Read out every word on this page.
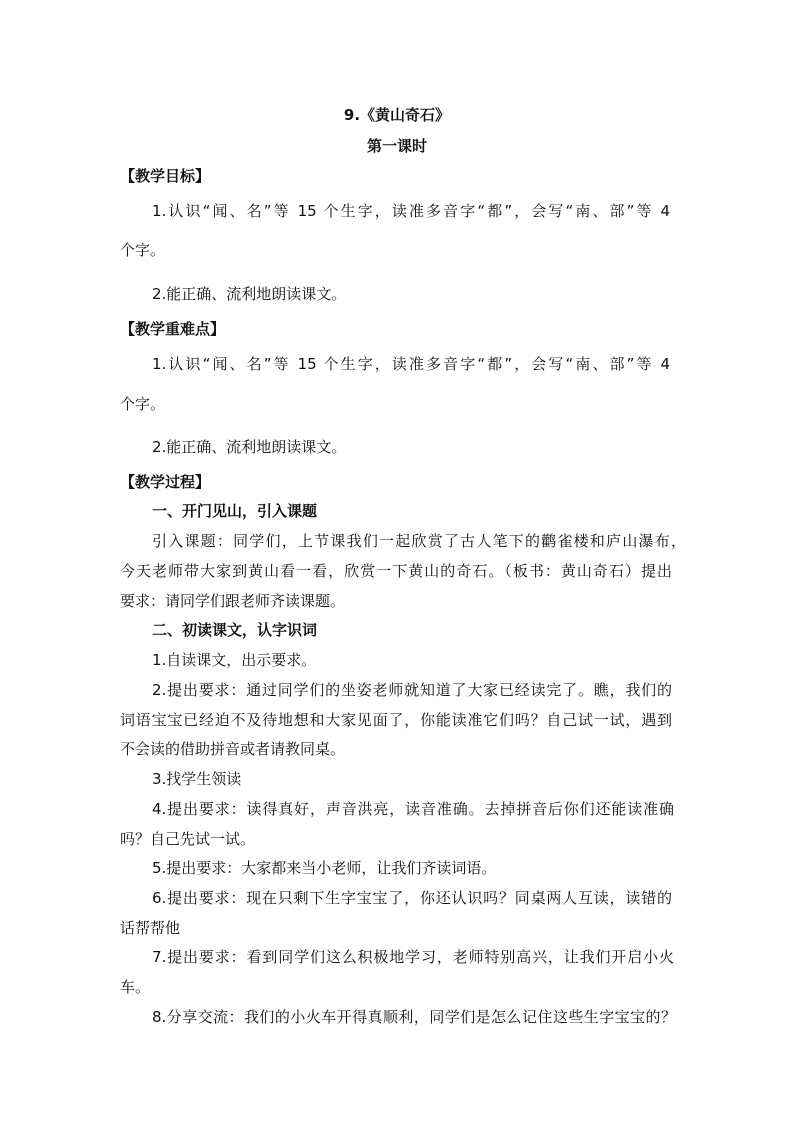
9.《黄山奇石》
第一课时
【教学目标】
1.认识“闻、名”等 15 个生字，读准多音字“都”，会写“南、部”等 4
个字。
2.能正确、流利地朗读课文。
【教学重难点】
1.认识“闻、名”等 15 个生字，读准多音字“都”，会写“南、部”等 4
个字。
2.能正确、流利地朗读课文。
【教学过程】
一、开门见山，引入课题
引入课题：同学们，上节课我们一起欣赏了古人笔下的鹳雀楼和庐山瀑布，
今天老师带大家到黄山看一看，欣赏一下黄山的奇石。（板书：黄山奇石）提出
要求：请同学们跟老师齐读课题。
二、初读课文，认字识词
1.自读课文，出示要求。
2.提出要求：通过同学们的坐姿老师就知道了大家已经读完了。瞧，我们的
词语宝宝已经迫不及待地想和大家见面了，你能读准它们吗？自己试一试，遇到
不会读的借助拼音或者请教同桌。
3.找学生领读
4.提出要求：读得真好，声音洪亮，读音准确。去掉拼音后你们还能读准确
吗？自己先试一试。
5.提出要求：大家都来当小老师，让我们齐读词语。
6.提出要求：现在只剩下生字宝宝了，你还认识吗？同桌两人互读，读错的
话帮帮他
7.提出要求：看到同学们这么积极地学习，老师特别高兴，让我们开启小火
车。
8.分享交流：我们的小火车开得真顺利，同学们是怎么记住这些生字宝宝的？
